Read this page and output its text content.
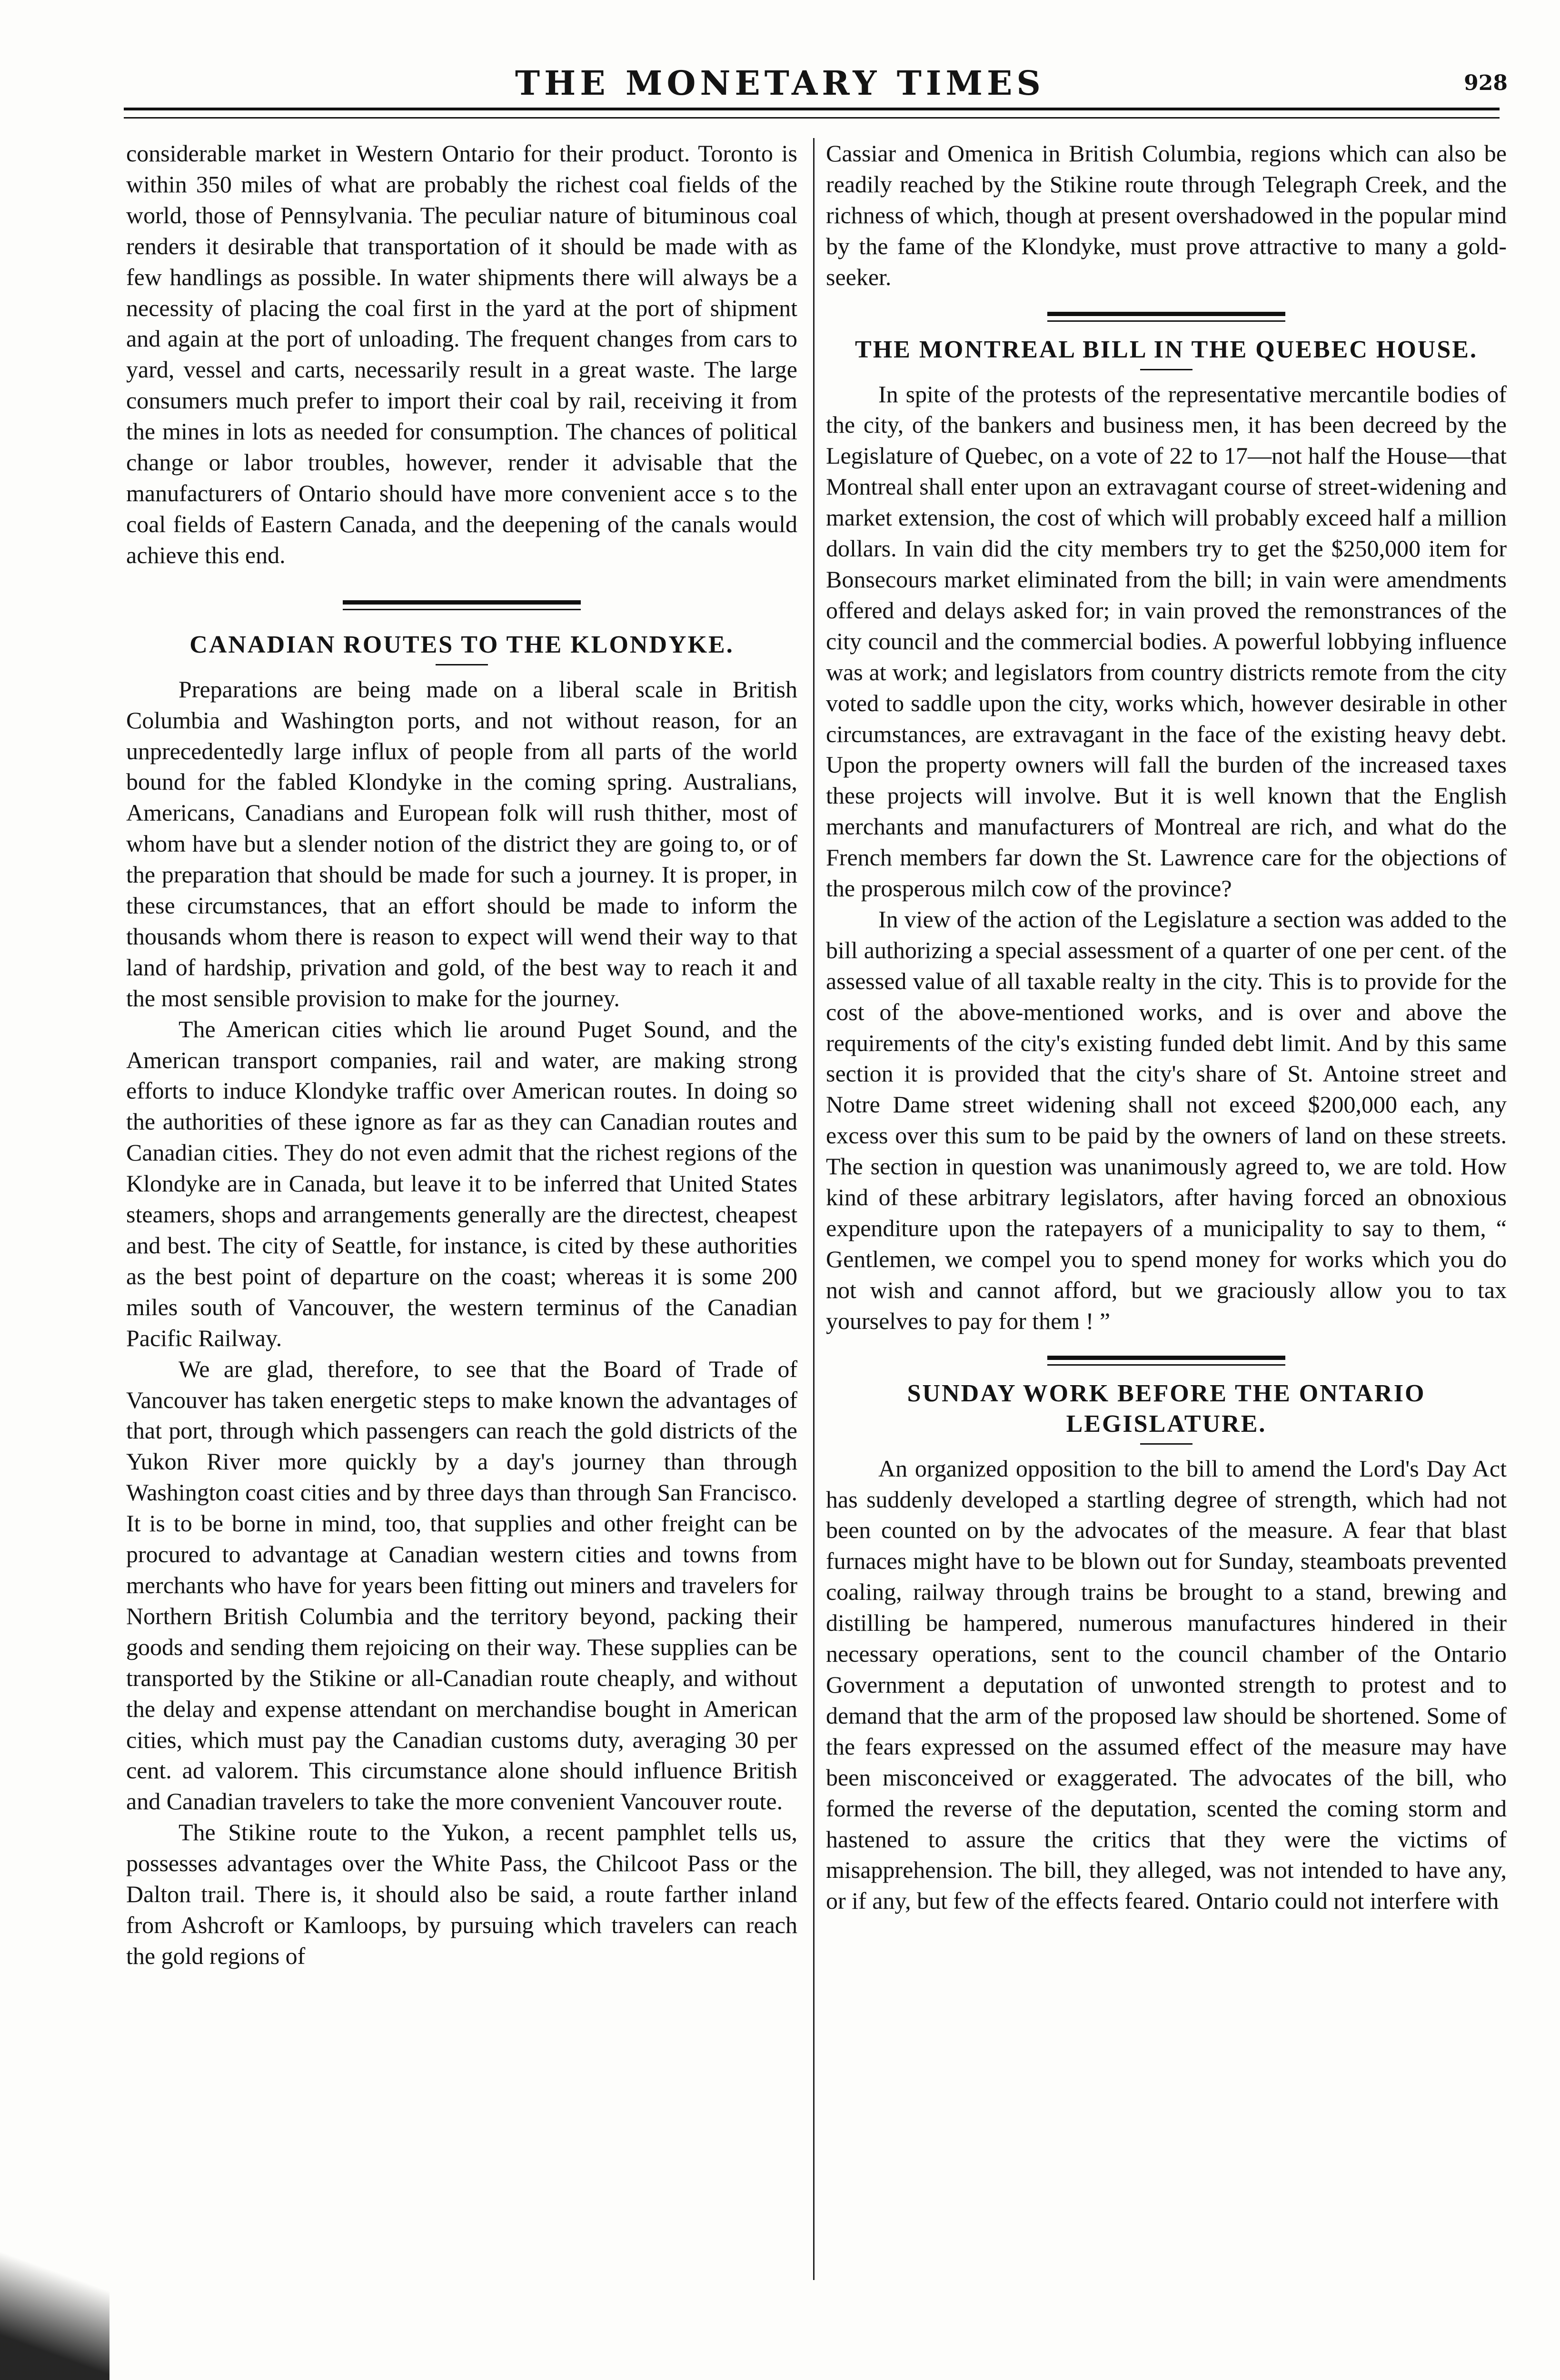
THE MONETARY TIMES	928

considerable market in Western Ontario for their product. Toronto is within 350 miles of what are probably the richest coal fields of the world, those of Pennsylvania. The peculiar nature of bituminous coal renders it desirable that transportation of it should be made with as few handlings as possible. In water shipments there will always be a necessity of placing the coal first in the yard at the port of shipment and again at the port of unloading. The frequent changes from cars to yard, vessel and carts, necessarily result in a great waste. The large consumers much prefer to import their coal by rail, receiving it from the mines in lots as needed for consumption. The chances of political change or labor troubles, however, render it advisable that the manufacturers of Ontario should have more convenient acce s to the coal fields of Eastern Canada, and the deepening of the canals would achieve this end.

CANADIAN ROUTES TO THE KLONDYKE.

Preparations are being made on a liberal scale in British Columbia and Washington ports, and not without reason, for an unprecedentedly large influx of people from all parts of the world bound for the fabled Klondyke in the coming spring. Australians, Americans, Canadians and European folk will rush thither, most of whom have but a slender notion of the district they are going to, or of the preparation that should be made for such a journey. It is proper, in these circumstances, that an effort should be made to inform the thousands whom there is reason to expect will wend their way to that land of hardship, privation and gold, of the best way to reach it and the most sensible provision to make for the journey.

The American cities which lie around Puget Sound, and the American transport companies, rail and water, are making strong efforts to induce Klondyke traffic over American routes. In doing so the authorities of these ignore as far as they can Canadian routes and Canadian cities. They do not even admit that the richest regions of the Klondyke are in Canada, but leave it to be inferred that United States steamers, shops and arrangements generally are the directest, cheapest and best. The city of Seattle, for instance, is cited by these authorities as the best point of departure on the coast; whereas it is some 200 miles south of Vancouver, the western terminus of the Canadian Pacific Railway.

We are glad, therefore, to see that the Board of Trade of Vancouver has taken energetic steps to make known the advantages of that port, through which passengers can reach the gold districts of the Yukon River more quickly by a day's journey than through Washington coast cities and by three days than through San Francisco. It is to be borne in mind, too, that supplies and other freight can be procured to advantage at Canadian western cities and towns from merchants who have for years been fitting out miners and travelers for Northern British Columbia and the territory beyond, packing their goods and sending them rejoicing on their way. These supplies can be transported by the Stikine or all-Canadian route cheaply, and without the delay and expense attendant on merchandise bought in American cities, which must pay the Canadian customs duty, averaging 30 per cent. ad valorem. This circumstance alone should influence British and Canadian travelers to take the more convenient Vancouver route.

The Stikine route to the Yukon, a recent pamphlet tells us, possesses advantages over the White Pass, the Chilcoot Pass or the Dalton trail. There is, it should also be said, a route farther inland from Ashcroft or Kamloops, by pursuing which travelers can reach the gold regions of

Cassiar and Omenica in British Columbia, regions which can also be readily reached by the Stikine route through Telegraph Creek, and the richness of which, though at present overshadowed in the popular mind by the fame of the Klondyke, must prove attractive to many a gold-seeker.

THE MONTREAL BILL IN THE QUEBEC HOUSE.

In spite of the protests of the representative mercantile bodies of the city, of the bankers and business men, it has been decreed by the Legislature of Quebec, on a vote of 22 to 17—not half the House—that Montreal shall enter upon an extravagant course of street-widening and market extension, the cost of which will probably exceed half a million dollars. In vain did the city members try to get the $250,000 item for Bonsecours market eliminated from the bill; in vain were amendments offered and delays asked for; in vain proved the remonstrances of the city council and the commercial bodies. A powerful lobbying influence was at work; and legislators from country districts remote from the city voted to saddle upon the city, works which, however desirable in other circumstances, are extravagant in the face of the existing heavy debt. Upon the property owners will fall the burden of the increased taxes these projects will involve. But it is well known that the English merchants and manufacturers of Montreal are rich, and what do the French members far down the St. Lawrence care for the objections of the prosperous milch cow of the province?

In view of the action of the Legislature a section was added to the bill authorizing a special assessment of a quarter of one per cent. of the assessed value of all taxable realty in the city. This is to provide for the cost of the above-mentioned works, and is over and above the requirements of the city's existing funded debt limit. And by this same section it is provided that the city's share of St. Antoine street and Notre Dame street widening shall not exceed $200,000 each, any excess over this sum to be paid by the owners of land on these streets. The section in question was unanimously agreed to, we are told. How kind of these arbitrary legislators, after having forced an obnoxious expenditure upon the ratepayers of a municipality to say to them, “ Gentlemen, we compel you to spend money for works which you do not wish and cannot afford, but we graciously allow you to tax yourselves to pay for them ! ”

SUNDAY WORK BEFORE THE ONTARIO LEGISLATURE.

An organized opposition to the bill to amend the Lord's Day Act has suddenly developed a startling degree of strength, which had not been counted on by the advocates of the measure. A fear that blast furnaces might have to be blown out for Sunday, steamboats prevented coaling, railway through trains be brought to a stand, brewing and distilling be hampered, numerous manufactures hindered in their necessary operations, sent to the council chamber of the Ontario Government a deputation of unwonted strength to protest and to demand that the arm of the proposed law should be shortened. Some of the fears expressed on the assumed effect of the measure may have been misconceived or exaggerated. The advocates of the bill, who formed the reverse of the deputation, scented the coming storm and hastened to assure the critics that they were the victims of misapprehension. The bill, they alleged, was not intended to have any, or if any, but few of the effects feared. Ontario could not interfere with
